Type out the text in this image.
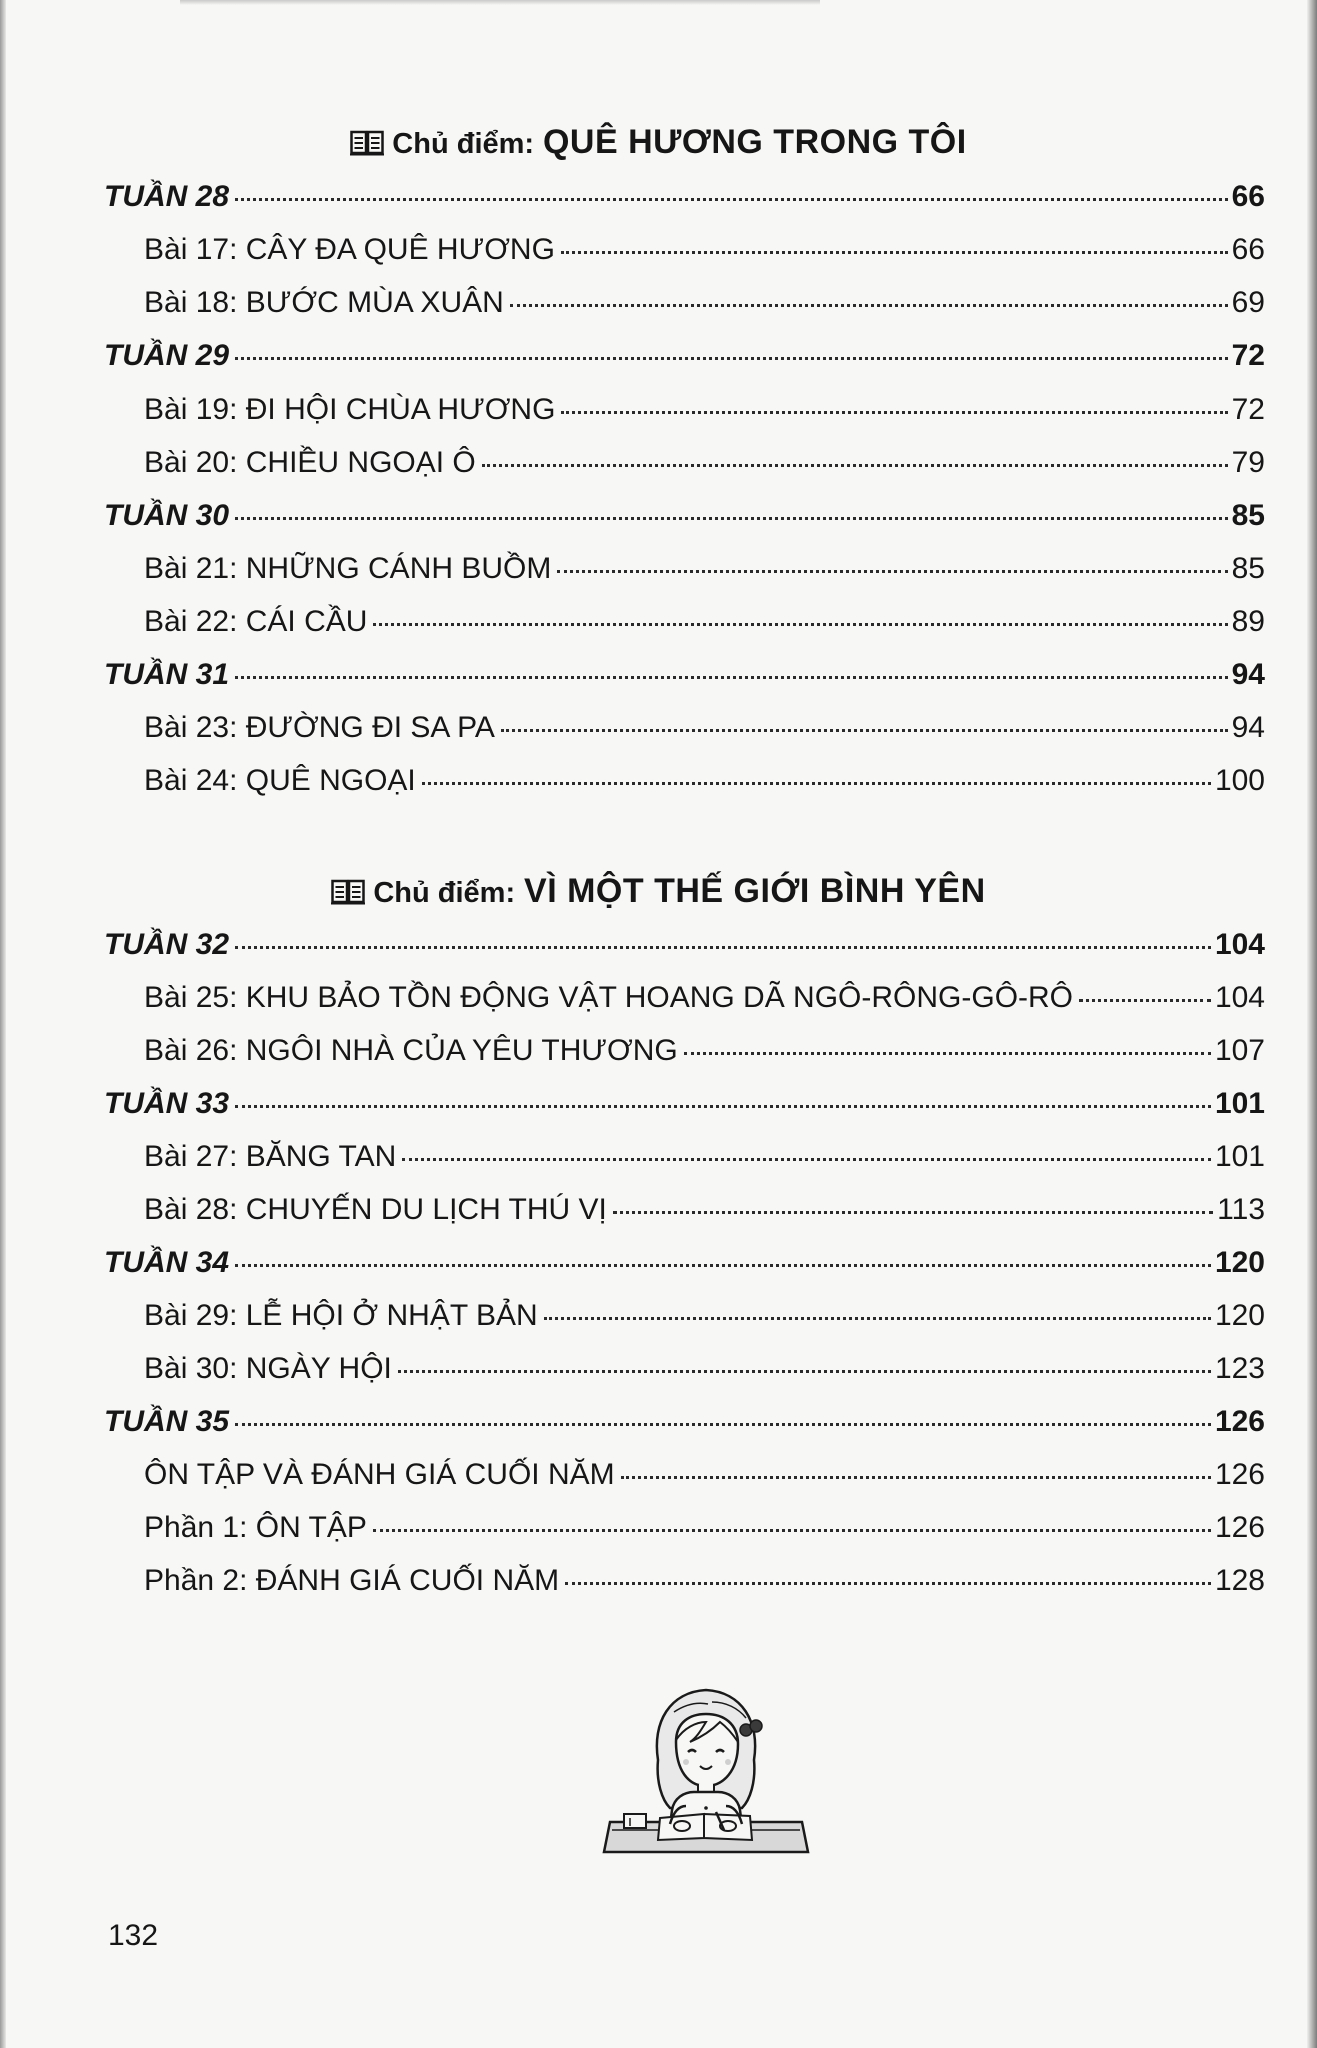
Chủ điểm: QUÊ HƯƠNG TRONG TÔI
Chủ điểm: VÌ MỘT THẾ GIỚI BÌNH YÊN
TUẦN 28	66
Bài 17: CÂY ĐA QUÊ HƯƠNG	66
Bài 18: BƯỚC MÙA XUÂN	69
TUẦN 29	72
Bài 19: ĐI HỘI CHÙA HƯƠNG	72
Bài 20: CHIỀU NGOẠI Ô	79
TUẦN 30	85
Bài 21: NHỮNG CÁNH BUỒM	85
Bài 22: CÁI CẦU	89
TUẦN 31	94
Bài 23: ĐƯỜNG ĐI SA PA	94
Bài 24: QUÊ NGOẠI	100
TUẦN 32	104
Bài 25: KHU BẢO TỒN ĐỘNG VẬT HOANG DÃ NGÔ-RÔNG-GÔ-RÔ	104
Bài 26: NGÔI NHÀ CỦA YÊU THƯƠNG	107
TUẦN 33	101
Bài 27: BĂNG TAN	101
Bài 28: CHUYẾN DU LỊCH THÚ VỊ	113
TUẦN 34	120
Bài 29: LỄ HỘI Ở NHẬT BẢN	120
Bài 30: NGÀY HỘI	123
TUẦN 35	126
ÔN TẬP VÀ ĐÁNH GIÁ CUỐI NĂM	126
Phần 1: ÔN TẬP	126
Phần 2: ĐÁNH GIÁ CUỐI NĂM	128
132
